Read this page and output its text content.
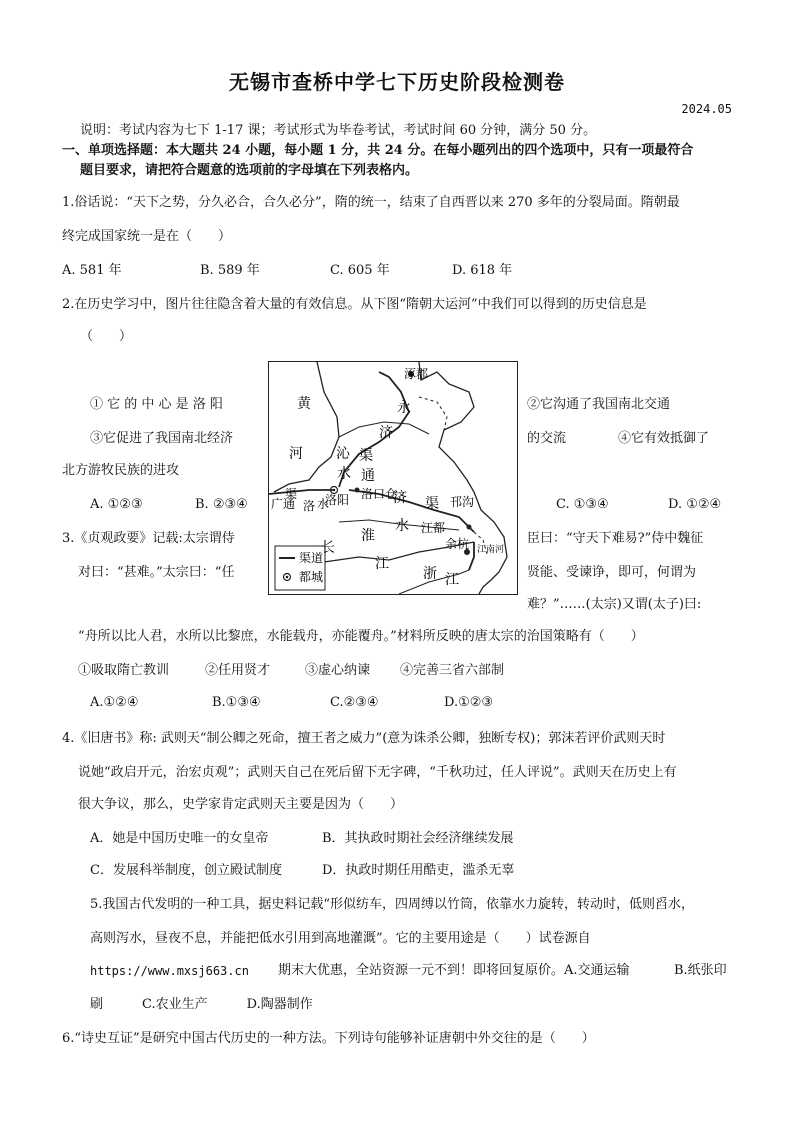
无锡市查桥中学七下历史阶段检测卷
2024.05
说明：考试内容为七下 1-17 课；考试形式为毕卷考试，考试时间 60 分钟，满分 50 分。
一、单项选择题：本大题共 24 小题，每小题 1 分，共 24 分。在每小题列出的四个选项中，只有一项最符合
题目要求，请把符合题意的选项前的字母填在下列表格内。
1.俗话说：“天下之势，分久必合，合久必分”，隋的统一，结束了自西晋以来 270 多年的分裂局面。隋朝最
终完成国家统一是在（　　）
A. 581 年	B. 589 年	C. 605 年	D. 618 年
2.在历史学习中，图片往往隐含着大量的有效信息。从下图“隋朝大运河”中我们可以得到的历史信息是
（　　）
① 它 的 中 心 是 洛 阳	②它沟通了我国南北交通
③它促进了我国南北经济	的交流　　　　④它有效抵御了
北方游牧民族的进攻
A. ①②③	B. ②③④	C. ①③④	D. ①②④
3.《贞观政要》记载:太宗谓侍	臣曰：“守天下难易?”侍中魏征
对曰：“甚难。”太宗曰：“任	贤能、受谏诤，即可，何谓为
难？”……(太宗)又谓(太子)曰:
“舟所以比人君，水所以比黎庶，水能载舟，亦能覆舟。”材料所反映的唐太宗的治国策略有（　　）
①吸取隋亡教训	②任用贤才	③虚心纳谏 ④完善三省六部制
A.①②④	B.①③④	C.②③④	D.①②③
4.《旧唐书》称: 武则天“制公卿之死命，擅王者之威力”(意为诛杀公卿，独断专权)；郭沫若评价武则天时
说她“政启开元，治宏贞观”；武则天自己在死后留下无字碑，“千秋功过，任人评说”。武则天在历史上有
很大争议，那么，史学家肯定武则天主要是因为（　　）
A．她是中国历史唯一的女皇帝	B．其执政时期社会经济继续发展
C．发展科举制度，创立殿试制度	D．执政时期任用酷吏，滥杀无辜
5.我国古代发明的一种工具，据史料记载“形似纺车，四周缚以竹筒，依靠水力旋转，转动时，低则舀水，
高则泻水，昼夜不息，并能把低水引用到高地灌溉”。它的主要用途是（　　）试卷源自
https://www.mxsj663.cn 期末大优惠，全站资源一元不到！即将回复原价。A.交通运输	B.纸张印
刷　　　C.农业生产　　　D.陶器制作
6.“诗史互证”是研究中国古代历史的一种方法。下列诗句能够补证唐朝中外交往的是（　　）
涿郡
黄
河
永
济
渠
沁
水 通
济 渠
洛阳 洛口仓
洛 水
广通
渠
淮
水 江都
邗沟
长
江
余杭 江南河
浙 江
渠道
都城
